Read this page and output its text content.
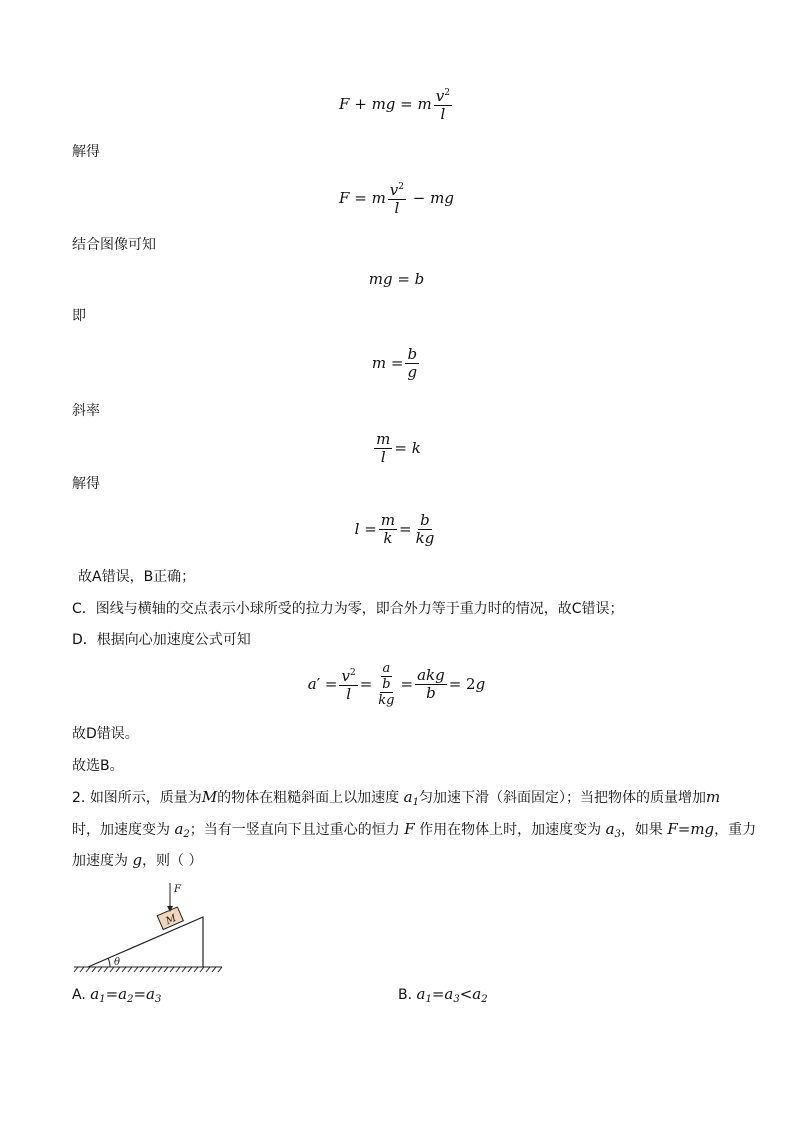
F + mg = m $\frac{v^2}{l}$
解得
F = m $\frac{v^2}{l}$ − mg
结合图像可知
mg = b
即
$m = \frac{b}{g}$
斜率
$\frac{m}{l} = k$
解得
$l = \frac{m}{k} = \frac{b}{kg}$
故A错误，B正确；
C．图线与横轴的交点表示小球所受的拉力为零，即合外力等于重力时的情况，故C错误；
D．根据向心加速度公式可知
a ′ = $\frac{v^2}{l} = \frac{a}{\frac{b}{kg}} = \frac{\text{akg}}{b} = 2$ g
故D错误。
故选B。
2. 如图所示，质量为M的物体在粗糙斜面上以加速度 $a_1$匀加速下滑（斜面固定）；当把物体的质量增加m
时，加速度变为 $a_2$；当有一竖直向下且过重心的恒力 F 作用在物体上时，加速度变为 $a_3$，如果 F=mg，重力
加速度为 g，则（ ）
θ
M
F
A. $a_1=a_2=a_3$	B. $a_1=a_3<a_2$
